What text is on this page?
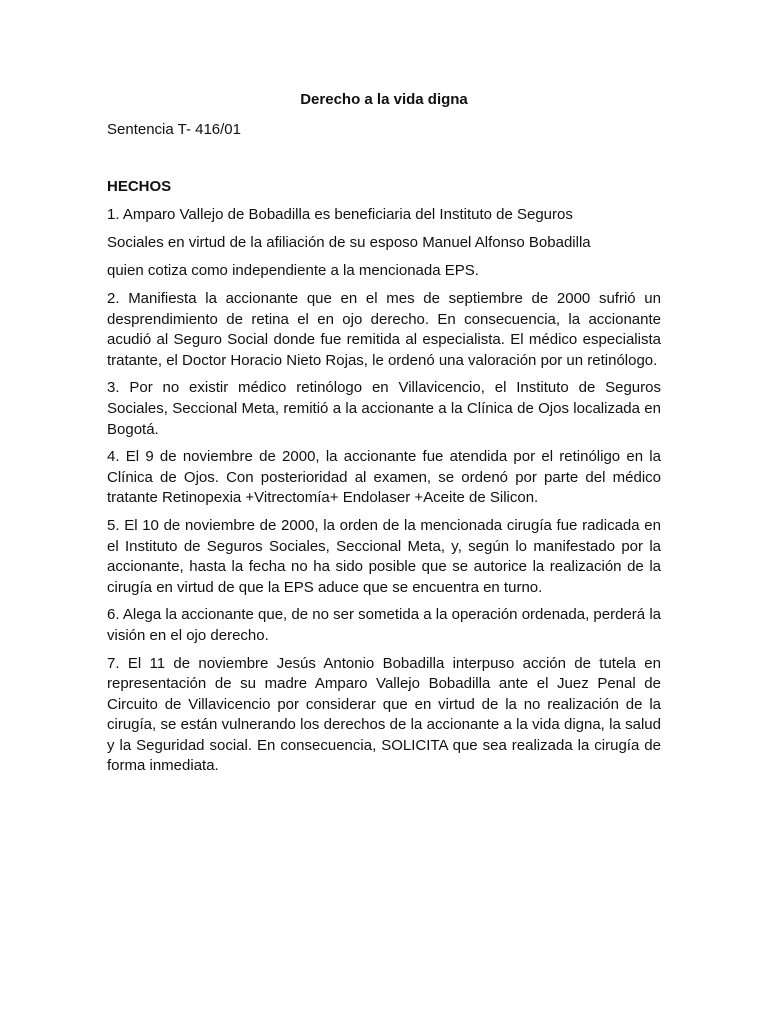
Derecho a la vida digna

Sentencia T- 416/01

HECHOS

1. Amparo Vallejo de Bobadilla es beneficiaria del Instituto de Seguros

Sociales en virtud de la afiliación de su esposo Manuel Alfonso Bobadilla

quien cotiza como independiente a la mencionada EPS.

2. Manifiesta la accionante que en el mes de septiembre de 2000 sufrió un desprendimiento de retina el en ojo derecho. En consecuencia, la accionante acudió al Seguro Social donde fue remitida al especialista. El médico especialista tratante, el Doctor Horacio Nieto Rojas, le ordenó una valoración por un retinólogo.

3. Por no existir médico retinólogo en Villavicencio, el Instituto de Seguros Sociales, Seccional Meta, remitió a la accionante a la Clínica de Ojos localizada en Bogotá.

4. El 9 de noviembre de 2000, la accionante fue atendida por el retinóligo en la Clínica de Ojos. Con posterioridad al examen, se ordenó por parte del médico tratante Retinopexia +Vitrectomía+ Endolaser +Aceite de Silicon.

5. El 10 de noviembre de 2000, la orden de la mencionada cirugía fue radicada en el Instituto de Seguros Sociales, Seccional Meta, y, según lo manifestado por la accionante, hasta la fecha no ha sido posible que se autorice la realización de la cirugía en virtud de que la EPS aduce que se encuentra en turno.

6. Alega la accionante que, de no ser sometida a la operación ordenada, perderá la visión en el ojo derecho.

7. El 11 de noviembre Jesús Antonio Bobadilla interpuso acción de tutela en representación de su madre Amparo Vallejo Bobadilla ante el Juez Penal de Circuito de Villavicencio por considerar que en virtud de la no realización de la cirugía, se están vulnerando los derechos de la accionante a la vida digna, la salud y la Seguridad social. En consecuencia, SOLICITA que sea realizada la cirugía de forma inmediata.
